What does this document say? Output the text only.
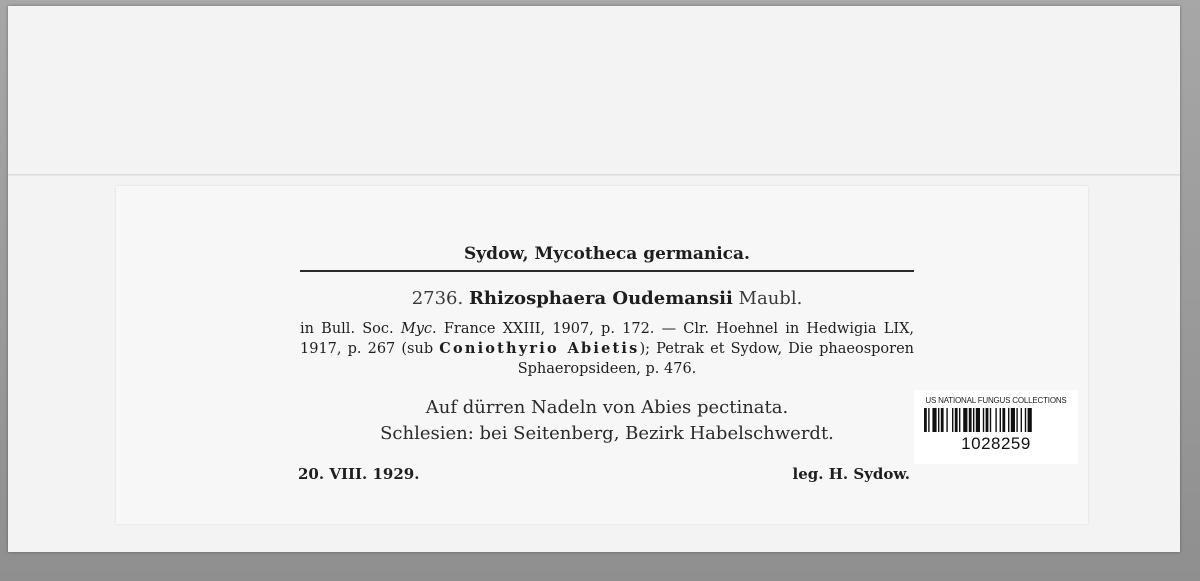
Sydow, Mycotheca germanica.
2736. Rhizosphaera Oudemansii Maubl.
in Bull. Soc. Myc. France XXIII, 1907, p. 172. — Clr. Hoehnel in Hedwigia LIX, 1917, p. 267 (sub Coniothyrio Abietis); Petrak et Sydow, Die phaeosporen Sphaeropsideen, p. 476.
Auf dürren Nadeln von Abies pectinata.
Schlesien: bei Seitenberg, Bezirk Habelschwerdt.
20. VIII. 1929.	leg. H. Sydow.
US NATIONAL FUNGUS COLLECTIONS
1028259
